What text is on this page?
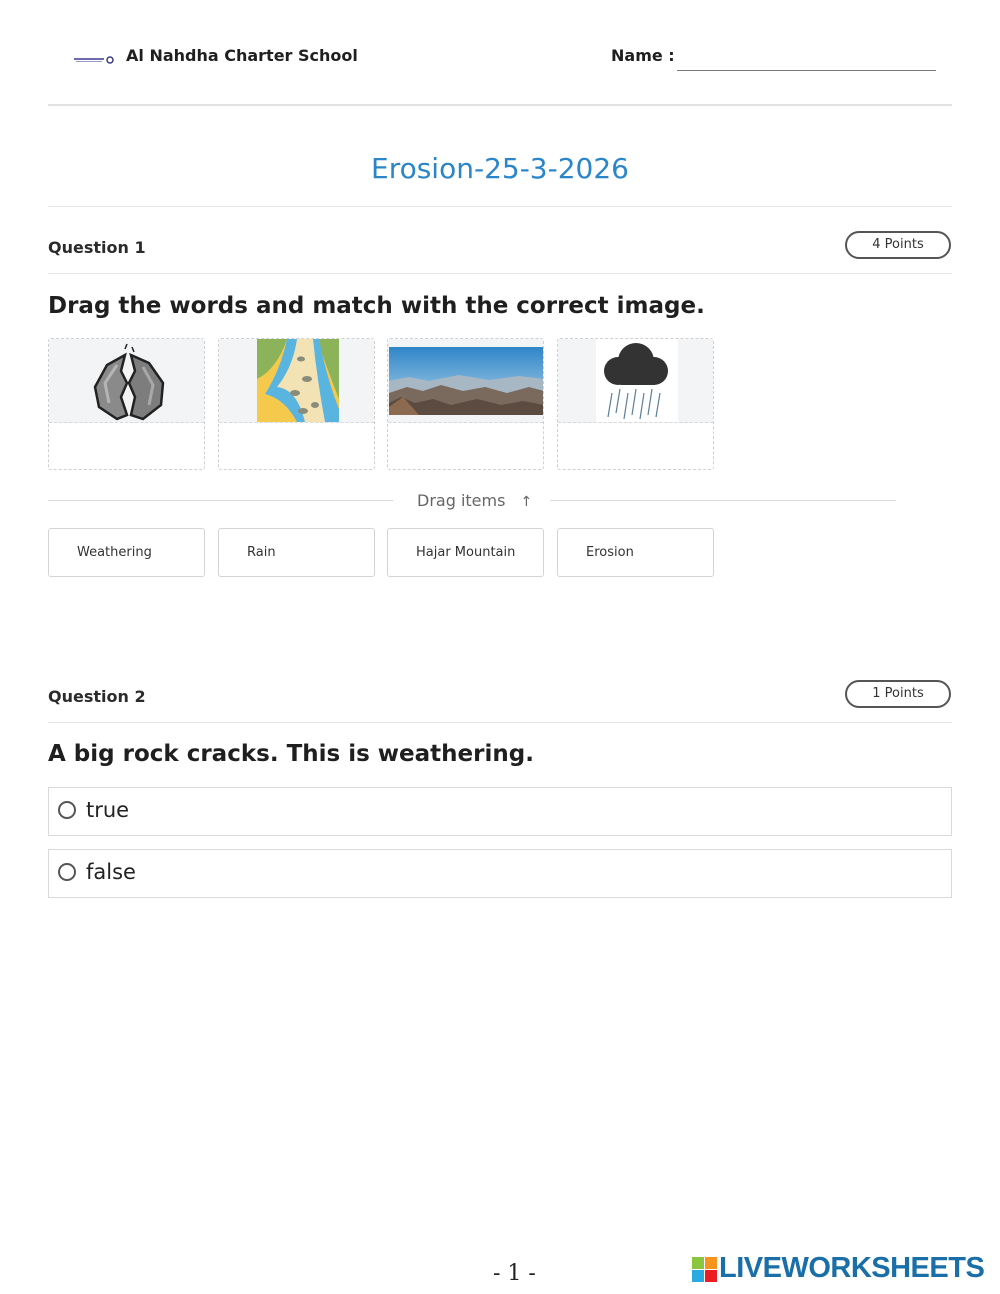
Al Nahdha Charter School	Name :
Erosion-25-3-2026
Question 1	4 Points
Drag the words and match with the correct image.
Drag items ↑
Weathering	Rain	Hajar Mountain	Erosion
Question 2	1 Points
A big rock cracks. This is weathering.
true
false
- 1 -	LIVEWORKSHEETS
